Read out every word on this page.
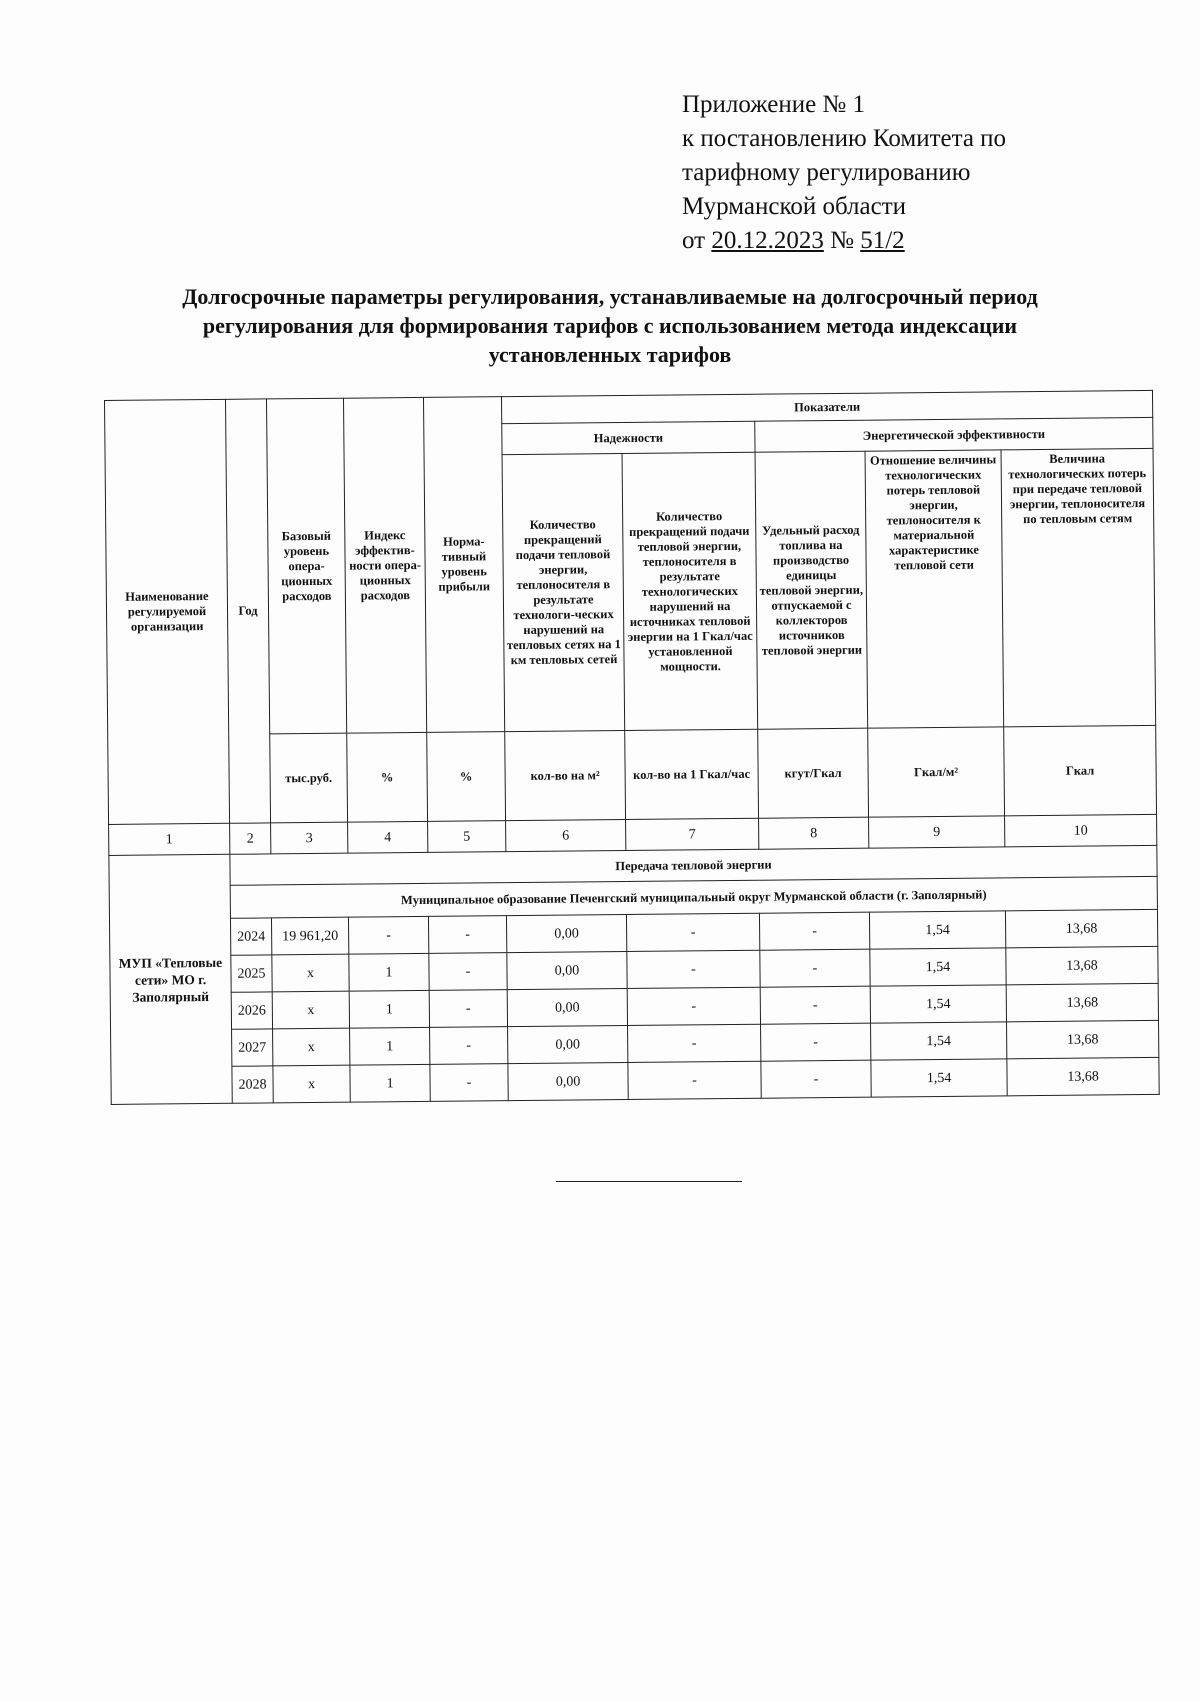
Приложение № 1
к постановлению Комитета по
тарифному регулированию
Мурманской области
от 20.12.2023 № 51/2
Долгосрочные параметры регулирования, устанавливаемые на долгосрочный период
регулирования для формирования тарифов с использованием метода индексации
установленных тарифов
Наименование регулируемой организации	Год	Базовый уровень опера-ционных расходов	Индекс эффектив-ности опера-ционных расходов	Норма-тивный уровень прибыли	Показатели				
					Надежности		Энергетической эффективности		
					Количество прекращений подачи тепловой энергии, теплоносителя в результате технологи-ческих нарушений на тепловых сетях на 1 км тепловых сетей	Количество прекращений подачи тепловой энергии, теплоносителя в результате технологических нарушений на источниках тепловой энергии на 1 Гкал/час установленной мощности.	Удельный расход топлива на производство единицы тепловой энергии, отпускаемой с коллекторов источников тепловой энергии	Отношение величины технологических потерь тепловой энергии, теплоносителя к материальной характеристике тепловой сети	Величина технологических потерь при передаче тепловой энергии, теплоносителя по тепловым сетям
		тыс.руб.	%	%	кол-во на м²	кол-во на 1 Гкал/час	кгут/Гкал	Гкал/м²	Гкал
1	2	3	4	5	6	7	8	9	10
МУП «Тепловые сети» МО г. Заполярный	Передача тепловой энергии								
	Муниципальное образование Печенгский муниципальный округ Мурманской области (г. Заполярный)								
	2024	19 961,20	-	-	0,00	-	-	1,54	13,68
	2025	x	1	-	0,00	-	-	1,54	13,68
	2026	x	1	-	0,00	-	-	1,54	13,68
	2027	x	1	-	0,00	-	-	1,54	13,68
	2028	x	1	-	0,00	-	-	1,54	13,68
